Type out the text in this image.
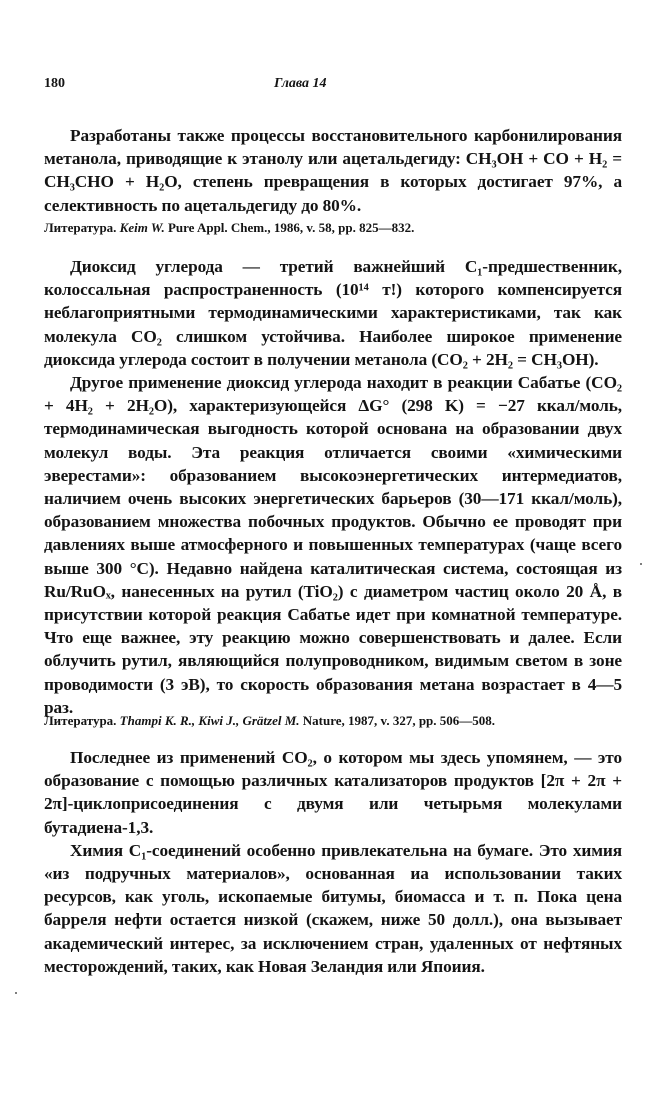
180	Глава 14

Разработаны также процессы восстановительного карбонилирования метанола, приводящие к этанолу или ацетальдегиду: CH₃OH + CO + H₂ = CH₃CHO + H₂O, степень превращения в которых достигает 97%, а селективность по ацетальдегиду до 80%.

Литература. Keim W. Pure Appl. Chem., 1986, v. 58, pp. 825—832.

Диоксид углерода — третий важнейший C₁-предшественник, колоссальная распространенность (10¹⁴ т!) которого компенсируется неблагоприятными термодинамическими характеристиками, так как молекула CO₂ слишком устойчива. Наиболее широкое применение диоксида углерода состоит в получении метанола (CO₂ + 2H₂ = CH₃OH).

Другое применение диоксид углерода находит в реакции Сабатье (CO₂ + 4H₂ + 2H₂O), характеризующейся ΔG° (298 K) = −27 ккал/моль, термодинамическая выгодность которой основана на образовании двух молекул воды. Эта реакция отличается своими «химическими эверестами»: образованием высокоэнергетических интермедиатов, наличием очень высоких энергетических барьеров (30—171 ккал/моль), образованием множества побочных продуктов. Обычно ее проводят при давлениях выше атмосферного и повышенных температурах (чаще всего выше 300 °C). Недавно найдена каталитическая система, состоящая из Ru/RuOₓ, нанесенных на рутил (TiO₂) с диаметром частиц около 20 Å, в присутствии которой реакция Сабатье идет при комнатной температуре. Что еще важнее, эту реакцию можно совершенствовать и далее. Если облучить рутил, являющийся полупроводником, видимым светом в зоне проводимости (3 эВ), то скорость образования метана возрастает в 4—5 раз.

Литература. Thampi K. R., Kiwi J., Grätzel M. Nature, 1987, v. 327, pp. 506—508.

Последнее из применений CO₂, о котором мы здесь упомянем, — это образование с помощью различных катализаторов продуктов [2π + 2π + 2π]-циклоприсоединения с двумя или четырьмя молекулами бутадиена-1,3.

Химия C₁-соединений особенно привлекательна на бумаге. Это химия «из подручных материалов», основанная иа использовании таких ресурсов, как уголь, ископаемые битумы, биомасса и т. п. Пока цена барреля нефти остается низкой (скажем, ниже 50 долл.), она вызывает академический интерес, за исключением стран, удаленных от нефтяных месторождений, таких, как Новая Зеландия или Япоиия.
